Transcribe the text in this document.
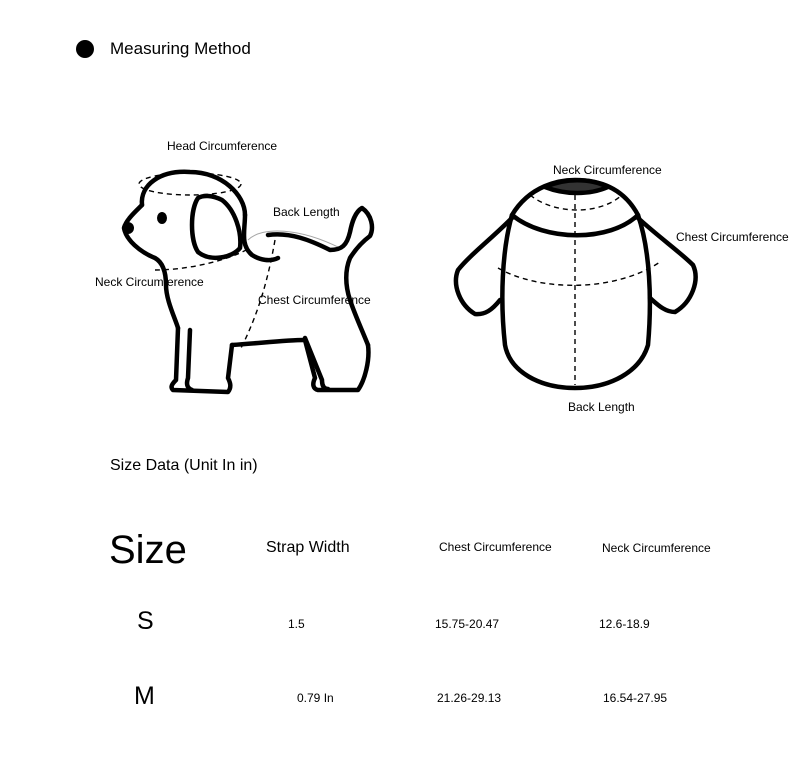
Measuring Method
Head Circumference
Back Length
Neck Circumference
Chest Circumference
Neck Circumference
Chest Circumference
Back Length
Size Data (Unit In in)
Size	Strap Width	Chest Circumference	Neck Circumference
S	1.5	15.75-20.47	12.6-18.9
M	0.79 In	21.26-29.13	16.54-27.95
